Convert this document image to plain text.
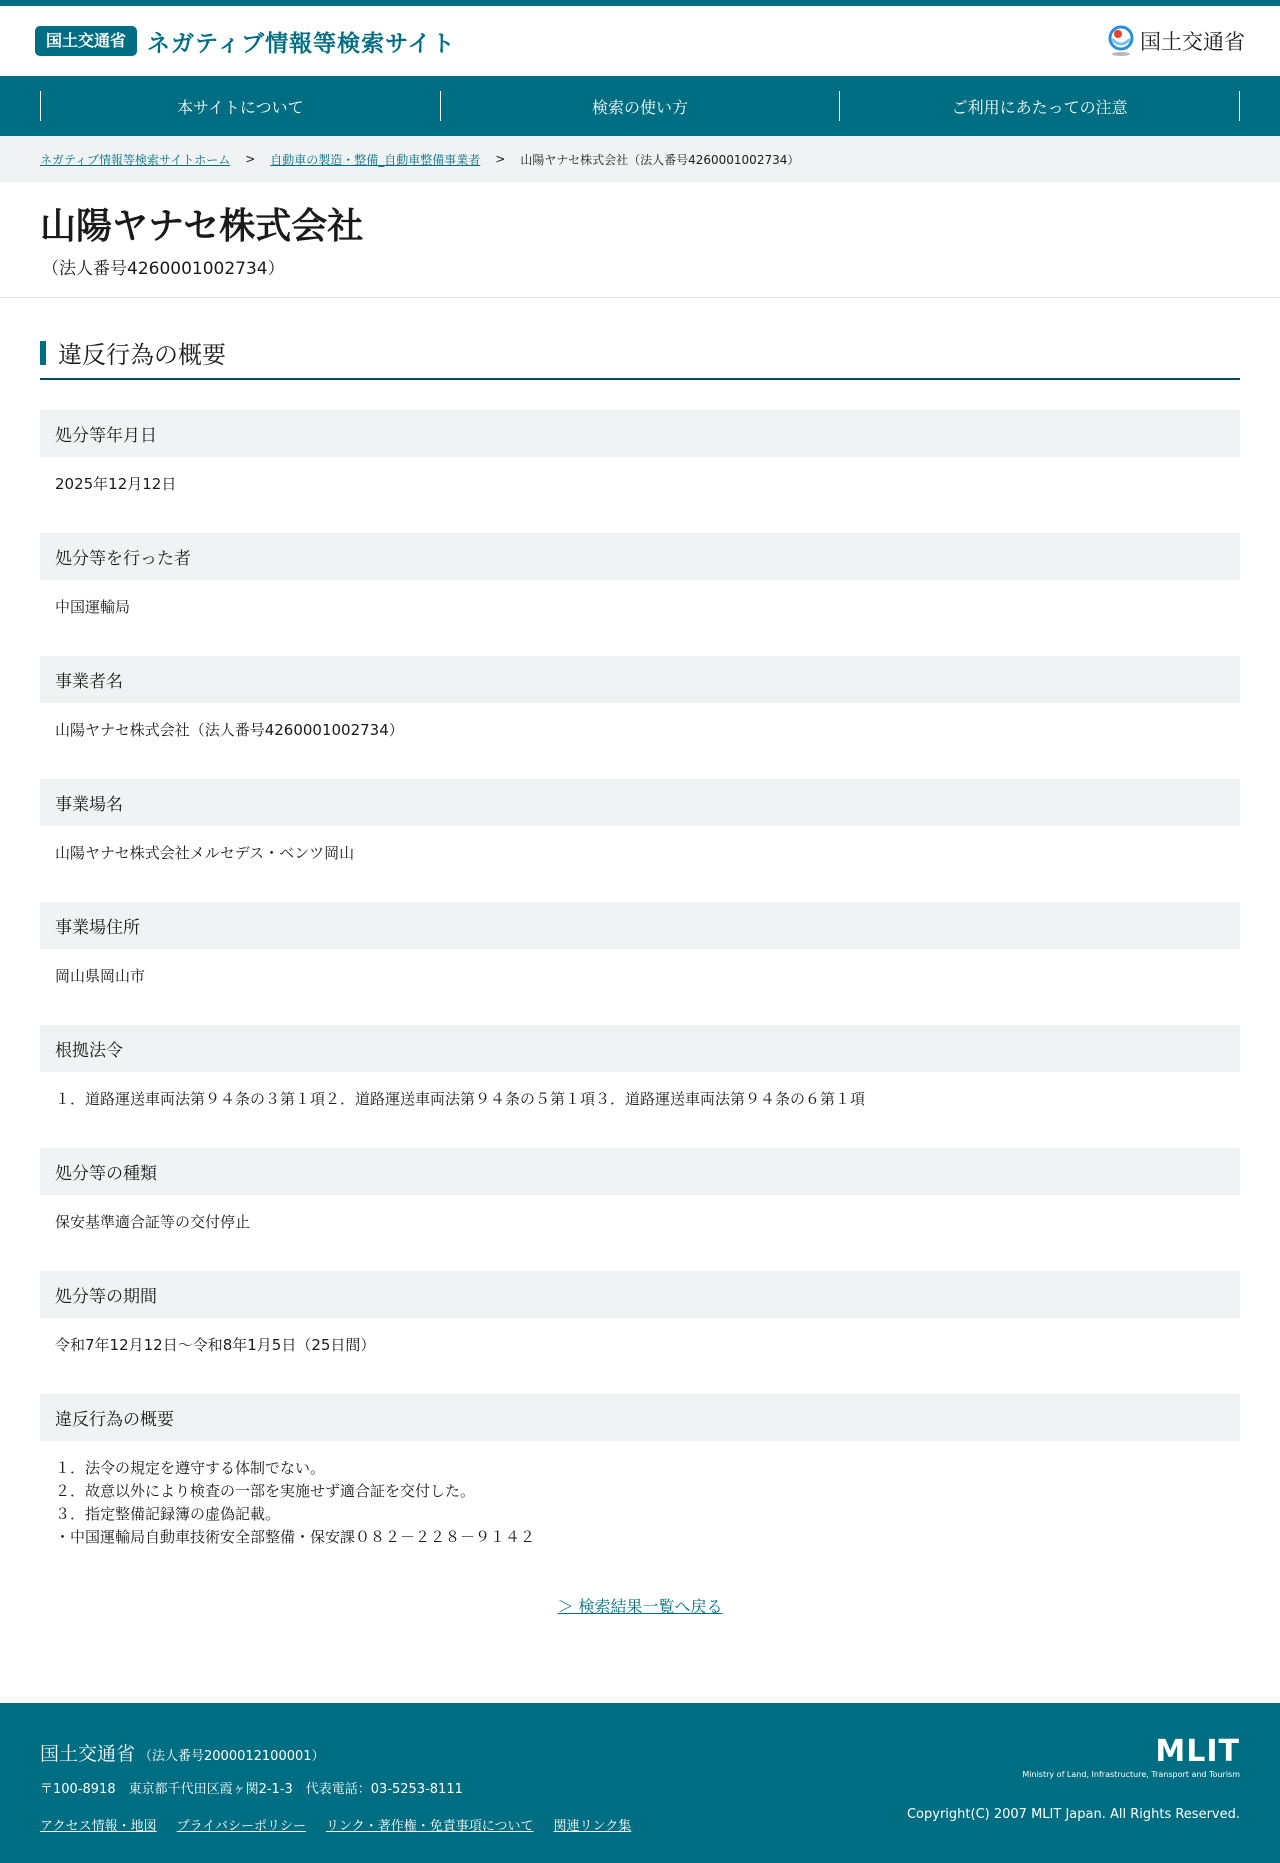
国土交通省 ネガティブ情報等検索サイト	国土交通省
本サイトについて	検索の使い方	ご利用にあたっての注意
ネガティブ情報等検索サイトホーム > 自動車の製造・整備_自動車整備事業者 > 山陽ヤナセ株式会社（法人番号4260001002734）
山陽ヤナセ株式会社

（法人番号4260001002734）

違反行為の概要
処分等年月日
2025年12月12日
処分等を行った者
中国運輸局
事業者名
山陽ヤナセ株式会社（法人番号4260001002734）
事業場名
山陽ヤナセ株式会社メルセデス・ベンツ岡山
事業場住所
岡山県岡山市
根拠法令
１．道路運送車両法第９４条の３第１項２．道路運送車両法第９４条の５第１項３．道路運送車両法第９４条の６第１項
処分等の種類
保安基準適合証等の交付停止
処分等の期間
令和7年12月12日～令和8年1月5日（25日間）
違反行為の概要
１．法令の規定を遵守する体制でない。
２．故意以外により検査の一部を実施せず適合証を交付した。
３．指定整備記録簿の虚偽記載。
・中国運輸局自動車技術安全部整備・保安課０８２－２２８－９１４２
＞ 検索結果一覧へ戻る
国土交通省 （法人番号2000012100001）
〒100-8918　東京都千代田区霞ヶ関2-1-3　代表電話：03-5253-8111
アクセス情報・地図 プライバシーポリシー リンク・著作権・免責事項について 関連リンク集
MLIT
Ministry of Land, Infrastructure, Transport and Tourism
Copyright(C) 2007 MLIT Japan. All Rights Reserved.
